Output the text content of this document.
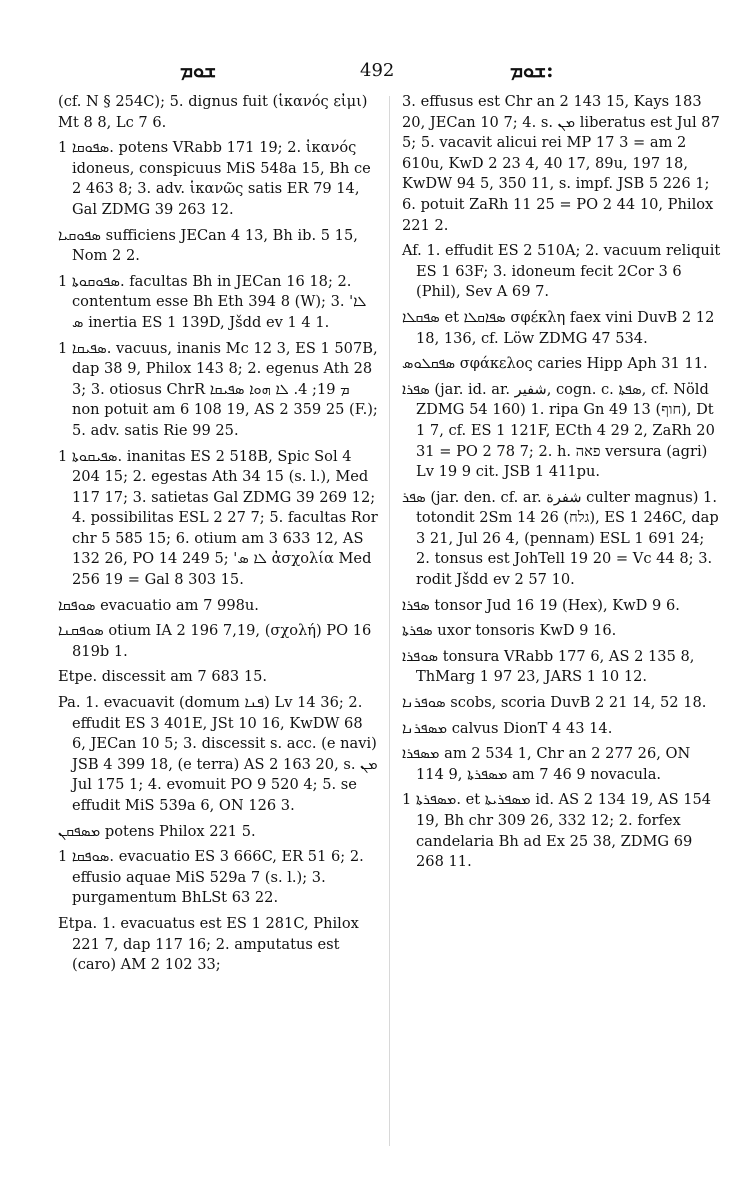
ܫܘܡ	492	ܫܘܡ:

(cf. N § 254C); 5. dignus fuit (ἱκανός εἰμι) Mt 8 8, Lc 7 6.

ܣܦܘܩܐ 1. potens VRabb 171 19; 2. ἱκανός idoneus, conspicuus MiS 548a 15, Bh ce 2 463 8; 3. adv. ἱκανῶς satis ER 79 14, Gal ZDMG 39 263 12.

ܣܦܘܩܝܐ sufficiens JECan 4 13, Bh ib. 5 15, Nom 2 2.

ܣܦܘܩܘܬܐ 1. facultas Bh in JECan 16 18; 2. contentum esse Bh Eth 394 8 (W); 3. 'ܠܐ ܣ inertia ES 1 139D, Jšdd ev 1 4 1.

ܣܦܝܩܐ 1. vacuus, inanis Mc 12 3, ES 1 507B, dap 38 9, Philox 143 8; 2. egenus Ath 28 3; 3. otiosus ChrR ܡ 19; 4. ܠܐ ܗܘܐ ܣܦܝܩܐ non potuit am 6 108 19, AS 2 359 25 (F.); 5. adv. satis Rie 99 25.

ܣܦܝܩܘܬܐ 1. inanitas ES 2 518B, Spic Sol 4 204 15; 2. egestas Ath 34 15 (s. l.), Med 117 17; 3. satietas Gal ZDMG 39 269 12; 4. possibilitas ESL 2 27 7; 5. facultas Ror chr 5 585 15; 6. otium am 3 633 12, AS 132 26, PO 14 249 5; 'ܠܐ ܣ ἀσχολία Med 256 19 = Gal 8 303 15.

ܣܘܦܩܐ evacuatio am 7 998u.

ܣܘܦܩܢܐ otium IA 2 196 7,19, (σχολή) PO 16 819b 1.

Etpe. discessit am 7 683 15.

Pa. 1. evacuavit (domum ܦܢܐ) Lv 14 36; 2. effudit ES 3 401E, JSt 10 16, KwDW 68 6, JECan 10 5; 3. discessit s. acc. (e navi) JSB 4 399 18, (e terra) AS 2 163 20, s. ܡܢ Jul 175 1; 4. evomuit PO 9 520 4; 5. se effudit MiS 539a 6, ON 126 3.

ܡܣܦܩܢ potens Philox 221 5.

ܣܘܦܩܐ 1. evacuatio ES 3 666C, ER 51 6; 2. effusio aquae MiS 529a 7 (s. l.); 3. purgamentum BhLSt 63 22.

Etpa. 1. evacuatus est ES 1 281C, Philox 221 7, dap 117 16; 2. amputatus est (caro) AM 2 102 33;

3. effusus est Chr an 2 143 15, Kays 183 20, JECan 10 7; 4. s. ܡܢ liberatus est Jul 87 5; 5. vacavit alicui rei MP 17 3 = am 2 610u, KwD 2 23 4, 40 17, 89u, 197 18, KwDW 94 5, 350 11, s. impf. JSB 5 226 1; 6. potuit ZaRh 11 25 = PO 2 44 10, Philox 221 2.

Af. 1. effudit ES 2 510A; 2. vacuum reliquit ES 1 63F; 3. idoneum fecit 2Cor 3 6 (Phil), Sev A 69 7.

ܣܦܩܠܐ et ܣܦܐܩܠܐ σφέκλη faex vini DuvB 2 12 18, 136, cf. Löw ZDMG 47 534.

ܣܦܩܠܘܣ σφάκελος caries Hipp Aph 31 11.

ܣܦܪܐ (jar. id. ar. شفير, cogn. c. ܣܦܬܐ, cf. Nöld ZDMG 54 160) 1. ripa Gn 49 13 (חוף), Dt 1 7, cf. ES 1 121F, ECth 4 29 2, ZaRh 20 31 = PO 2 78 7; 2. h. פאה versura (agri) Lv 19 9 cit. JSB 1 411pu.

ܣܦܪ (jar. den. cf. ar. شفرة culter magnus) 1. totondit 2Sm 14 26 (גלח), ES 1 246C, dap 3 21, Jul 26 4, (pennam) ESL 1 691 24; 2. tonsus est JohTell 19 20 = Vc 44 8; 3. rodit Jšdd ev 2 57 10.

ܣܦܪܐ tonsor Jud 16 19 (Hex), KwD 9 6.

ܣܦܪܬܐ uxor tonsoris KwD 9 16.

ܣܘܦܪܐ tonsura VRabb 177 6, AS 2 135 8, ThMarg 1 97 23, JARS 1 10 12.

ܣܘܦܪܢܐ scobs, scoria DuvB 2 21 14, 52 18.

ܡܣܦܪܢܐ calvus DionT 4 43 14.

ܡܣܦܪܐ am 2 534 1, Chr an 2 277 26, ON 114 9, ܡܣܦܪܬܐ am 7 46 9 novacula.

ܡܣܦܪܬܐ 1. et ܡܣܦܪܝܬܐ id. AS 2 134 19, AS 154 19, Bh chr 309 26, 332 12; 2. forfex candelaria Bh ad Ex 25 38, ZDMG 69 268 11.
